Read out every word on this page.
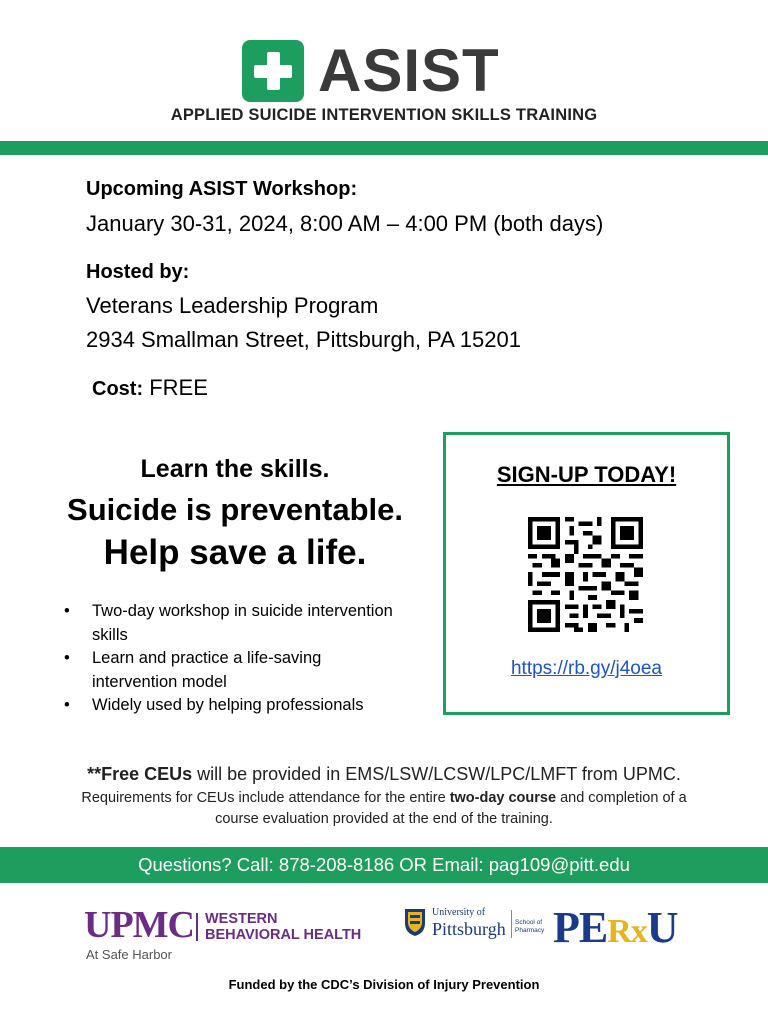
ASIST
APPLIED SUICIDE INTERVENTION SKILLS TRAINING
Upcoming ASIST Workshop:
January 30-31, 2024, 8:00 AM – 4:00 PM (both days)
Hosted by:
Veterans Leadership Program
2934 Smallman Street, Pittsburgh, PA 15201
Cost: FREE
Learn the skills.
Suicide is preventable.
Help save a life.
• Two-day workshop in suicide intervention skills
• Learn and practice a life-saving intervention model
• Widely used by helping professionals
SIGN-UP TODAY!
https://rb.gy/j4oea
**Free CEUs will be provided in EMS/LSW/LCSW/LPC/LMFT from UPMC.
Requirements for CEUs include attendance for the entire two-day course and completion of a course evaluation provided at the end of the training.
Questions? Call: 878-208-8186 OR Email: pag109@pitt.edu
UPMC WESTERN
BEHAVIORAL HEALTH
At Safe Harbor
University of
Pittsburgh School of
Pharmacy PERxU
Funded by the CDC’s Division of Injury Prevention
